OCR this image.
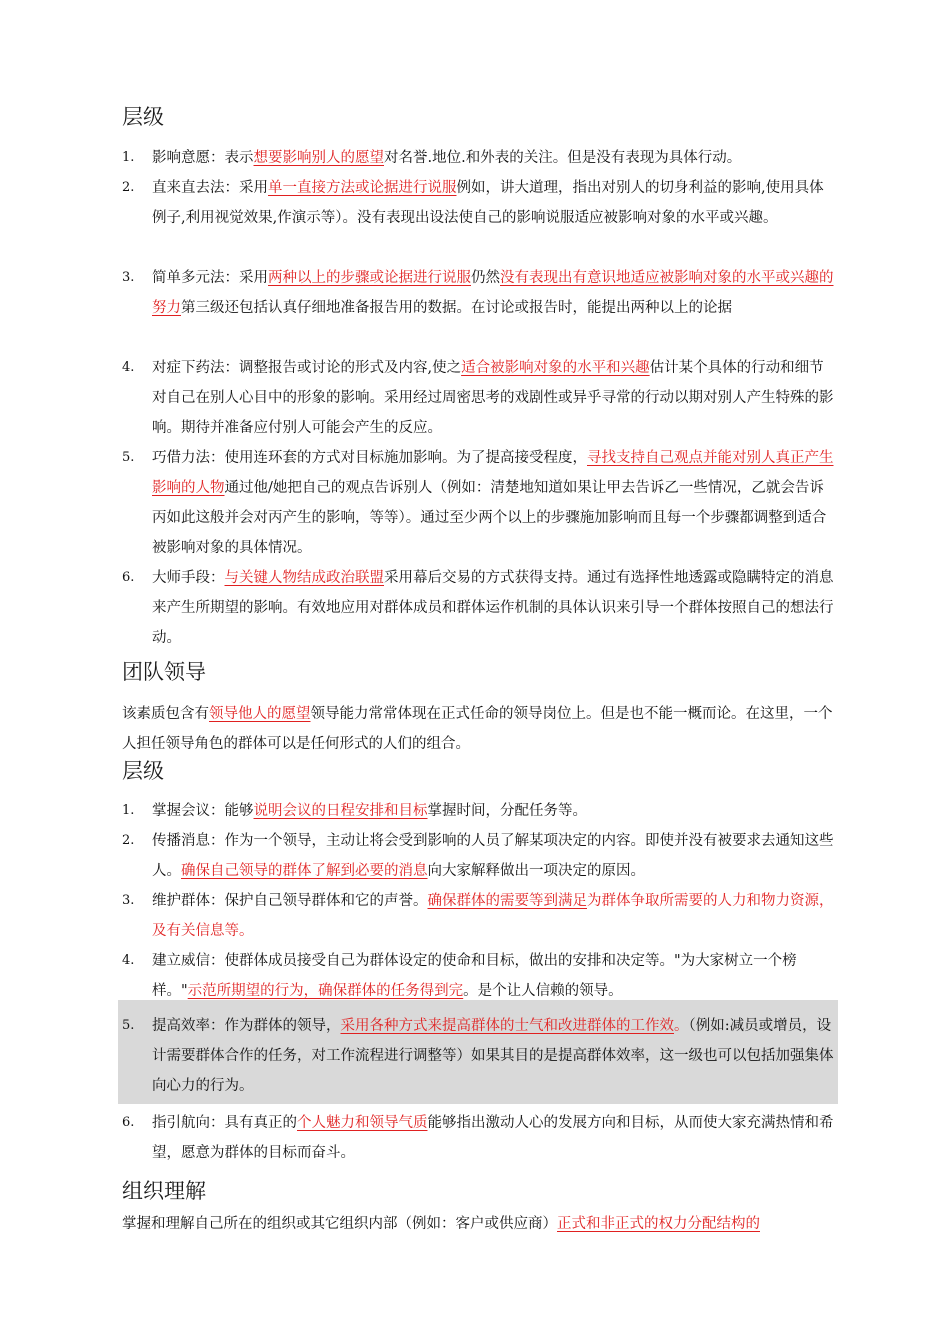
层级
1.	影响意愿：表示想要影响别人的愿望对名誉.地位.和外表的关注。但是没有表现为具体行动。
2.	直来直去法：采用单一直接方法或论据进行说服例如，讲大道理，指出对别人的切身利益的影响,使用具体例子,利用视觉效果,作演示等）。没有表现出设法使自己的影响说服适应被影响对象的水平或兴趣。
3.	简单多元法：采用两种以上的步骤或论据进行说服仍然没有表现出有意识地适应被影响对象的水平或兴趣的努力第三级还包括认真仔细地准备报告用的数据。在讨论或报告时，能提出两种以上的论据
4.	对症下药法：调整报告或讨论的形式及内容,使之适合被影响对象的水平和兴趣估计某个具体的行动和细节对自己在别人心目中的形象的影响。采用经过周密思考的戏剧性或异乎寻常的行动以期对别人产生特殊的影响。期待并准备应付别人可能会产生的反应。
5.	巧借力法：使用连环套的方式对目标施加影响。为了提高接受程度，寻找支持自己观点并能对别人真正产生影响的人物通过他/她把自己的观点告诉别人（例如：清楚地知道如果让甲去告诉乙一些情况，乙就会告诉丙如此这般并会对丙产生的影响，等等）。通过至少两个以上的步骤施加影响而且每一个步骤都调整到适合被影响对象的具体情况。
6.	大师手段：与关键人物结成政治联盟采用幕后交易的方式获得支持。通过有选择性地透露或隐瞒特定的消息来产生所期望的影响。有效地应用对群体成员和群体运作机制的具体认识来引导一个群体按照自己的想法行动。
团队领导

该素质包含有领导他人的愿望领导能力常常体现在正式任命的领导岗位上。但是也不能一概而论。在这里，一个人担任领导角色的群体可以是任何形式的人们的组合。

层级
1.	掌握会议：能够说明会议的日程安排和目标掌握时间，分配任务等。
2.	传播消息：作为一个领导，主动让将会受到影响的人员了解某项决定的内容。即使并没有被要求去通知这些人。确保自己领导的群体了解到必要的消息向大家解释做出一项决定的原因。
3.	维护群体：保护自己领导群体和它的声誉。确保群体的需要等到满足为群体争取所需要的人力和物力资源，及有关信息等。
4.	建立威信：使群体成员接受自己为群体设定的使命和目标，做出的安排和决定等。"为大家树立一个榜样。"示范所期望的行为，确保群体的任务得到完。是个让人信赖的领导。
5.	提高效率：作为群体的领导，采用各种方式来提高群体的士气和改进群体的工作效。（例如:减员或增员，设计需要群体合作的任务，对工作流程进行调整等）如果其目的是提高群体效率，这一级也可以包括加强集体向心力的行为。
6.	指引航向：具有真正的个人魅力和领导气质能够指出激动人心的发展方向和目标，从而使大家充满热情和希望，愿意为群体的目标而奋斗。
组织理解

掌握和理解自己所在的组织或其它组织内部（例如：客户或供应商）正式和非正式的权力分配结构的
